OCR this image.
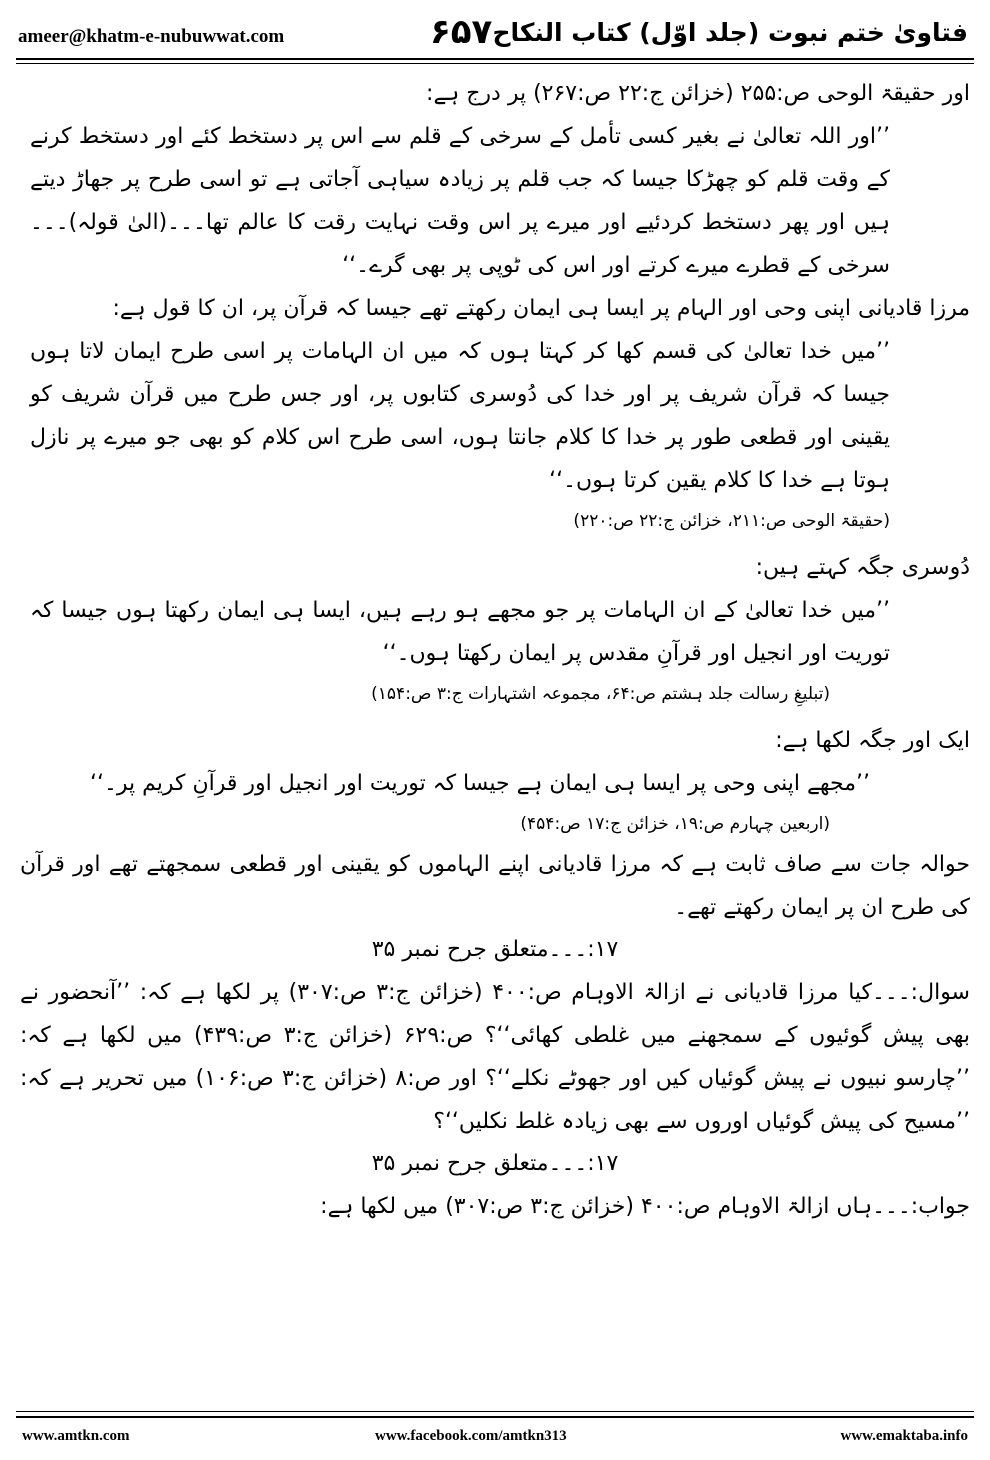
ameer@khatm-e-nubuwwat.com	۶۵۷ فتاویٰ ختم نبوت (جلد اوّل) کتاب النکاح

اور حقیقۃ الوحی ص:۲۵۵ (خزائن ج:۲۲ ص:۲۶۷) پر درج ہے:

’’اور اللہ تعالیٰ نے بغیر کسی تأمل کے سرخی کے قلم سے اس پر دستخط کئے اور دستخط کرنے کے وقت قلم کو چھڑکا جیسا کہ جب قلم پر زیادہ سیاہی آجاتی ہے تو اسی طرح پر جھاڑ دیتے ہیں اور پھر دستخط کردئیے اور میرے پر اس وقت نہایت رقت کا عالم تھا۔۔۔(الیٰ قولہ)۔۔۔سرخی کے قطرے میرے کرتے اور اس کی ٹوپی پر بھی گرے۔‘‘

مرزا قادیانی اپنی وحی اور الہام پر ایسا ہی ایمان رکھتے تھے جیسا کہ قرآن پر، ان کا قول ہے:

’’میں خدا تعالیٰ کی قسم کھا کر کہتا ہوں کہ میں ان الہامات پر اسی طرح ایمان لاتا ہوں جیسا کہ قرآن شریف پر اور خدا کی دُوسری کتابوں پر، اور جس طرح میں قرآن شریف کو یقینی اور قطعی طور پر خدا کا کلام جانتا ہوں، اسی طرح اس کلام کو بھی جو میرے پر نازل ہوتا ہے خدا کا کلام یقین کرتا ہوں۔‘‘

(حقیقۃ الوحی ص:۲۱۱، خزائن ج:۲۲ ص:۲۲۰)

دُوسری جگہ کہتے ہیں:

’’میں خدا تعالیٰ کے ان الہامات پر جو مجھے ہو رہے ہیں، ایسا ہی ایمان رکھتا ہوں جیسا کہ توریت اور انجیل اور قرآنِ مقدس پر ایمان رکھتا ہوں۔‘‘

(تبلیغِ رسالت جلد ہشتم ص:۶۴، مجموعہ اشتہارات ج:۳ ص:۱۵۴)

ایک اور جگہ لکھا ہے:

’’مجھے اپنی وحی پر ایسا ہی ایمان ہے جیسا کہ توریت اور انجیل اور قرآنِ کریم پر۔‘‘

(اربعین چہارم ص:۱۹، خزائن ج:۱۷ ص:۴۵۴)

حوالہ جات سے صاف ثابت ہے کہ مرزا قادیانی اپنے الہاموں کو یقینی اور قطعی سمجھتے تھے اور قرآن کی طرح ان پر ایمان رکھتے تھے۔

۱۷:۔۔۔متعلق جرح نمبر ۳۵

سوال:۔۔۔کیا مرزا قادیانی نے ازالۃ الاوہام ص:۴۰۰ (خزائن ج:۳ ص:۳۰۷) پر لکھا ہے کہ: ’’آنحضور نے بھی پیش گوئیوں کے سمجھنے میں غلطی کھائی‘‘؟ ص:۶۲۹ (خزائن ج:۳ ص:۴۳۹) میں لکھا ہے کہ: ’’چارسو نبیوں نے پیش گوئیاں کیں اور جھوٹے نکلے‘‘؟ اور ص:۸ (خزائن ج:۳ ص:۱۰۶) میں تحریر ہے کہ: ’’مسیح کی پیش گوئیاں اوروں سے بھی زیادہ غلط نکلیں‘‘؟

۱۷:۔۔۔متعلق جرح نمبر ۳۵

جواب:۔۔۔ہاں ازالۃ الاوہام ص:۴۰۰ (خزائن ج:۳ ص:۳۰۷) میں لکھا ہے:

www.amtkn.com	www.facebook.com/amtkn313	www.emaktaba.info
